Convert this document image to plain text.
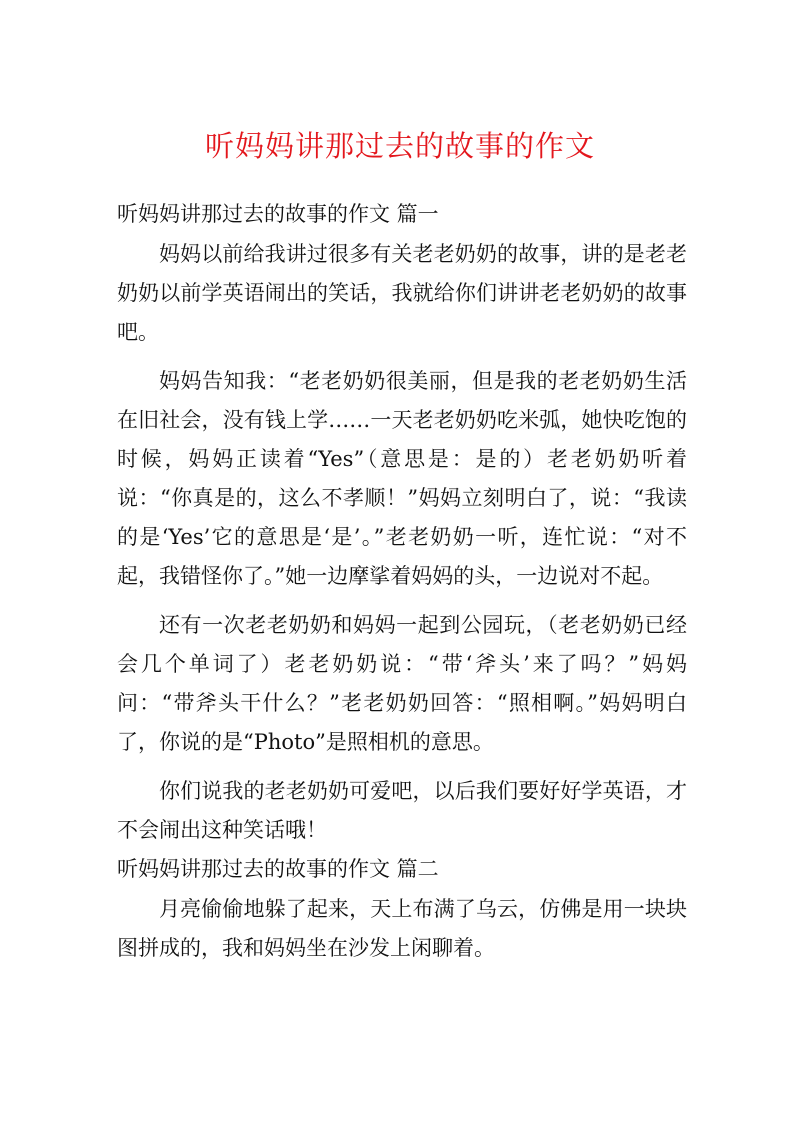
听妈妈讲那过去的故事的作文
听妈妈讲那过去的故事的作文 篇一

妈妈以前给我讲过很多有关老老奶奶的故事，讲的是老老奶奶以前学英语闹出的笑话，我就给你们讲讲老老奶奶的故事吧。

妈妈告知我：“老老奶奶很美丽，但是我的老老奶奶生活在旧社会，没有钱上学……一天老老奶奶吃米弧，她快吃饱的时候，妈妈正读着“Yes”（意思是：是的）老老奶奶听着说：“你真是的，这么不孝顺！”妈妈立刻明白了，说：“我读的是‘Yes’它的意思是‘是’。”老老奶奶一听，连忙说：“对不起，我错怪你了。”她一边摩挲着妈妈的头，一边说对不起。

还有一次老老奶奶和妈妈一起到公园玩，（老老奶奶已经会几个单词了）老老奶奶说：“带‘斧头’来了吗？”妈妈问：“带斧头干什么？”老老奶奶回答：“照相啊。”妈妈明白了，你说的是“Photo”是照相机的意思。

你们说我的老老奶奶可爱吧，以后我们要好好学英语，才不会闹出这种笑话哦！

听妈妈讲那过去的故事的作文 篇二

月亮偷偷地躲了起来，天上布满了乌云，仿佛是用一块块图拼成的，我和妈妈坐在沙发上闲聊着。
